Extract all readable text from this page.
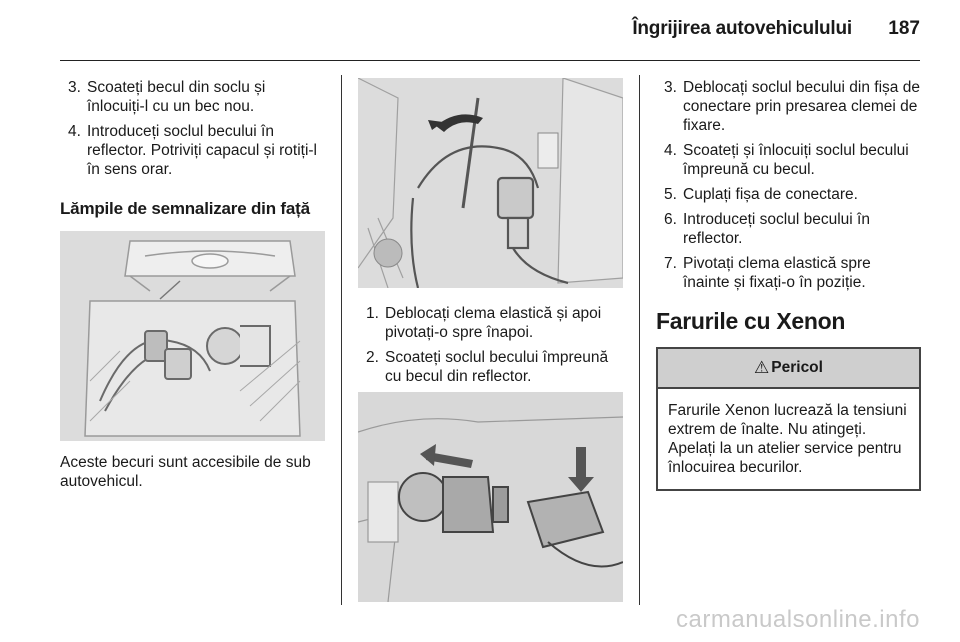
Îngrijirea autovehiculului 187
3. Scoateți becul din soclu și înlocuiți-l cu un bec nou.
4. Introduceți soclul becului în reflector. Potriviți capacul și rotiți-l în sens orar.
Lămpile de semnalizare din față
Aceste becuri sunt accesibile de sub autovehicul.
1. Deblocați clema elastică și apoi pivotați-o spre înapoi.
2. Scoateți soclul becului împreună cu becul din reflector.
3. Deblocați soclul becului din fișa de conectare prin presarea clemei de fixare.
4. Scoateți și înlocuiți soclul becului împreună cu becul.
5. Cuplați fișa de conectare.
6. Introduceți soclul becului în reflector.
7. Pivotați clema elastică spre înainte și fixați-o în poziție.
Farurile cu Xenon
⚠ Pericol
Farurile Xenon lucrează la tensiuni extrem de înalte. Nu atingeți. Apelați la un atelier service pentru înlocuirea becurilor.
carmanualsonline.info
